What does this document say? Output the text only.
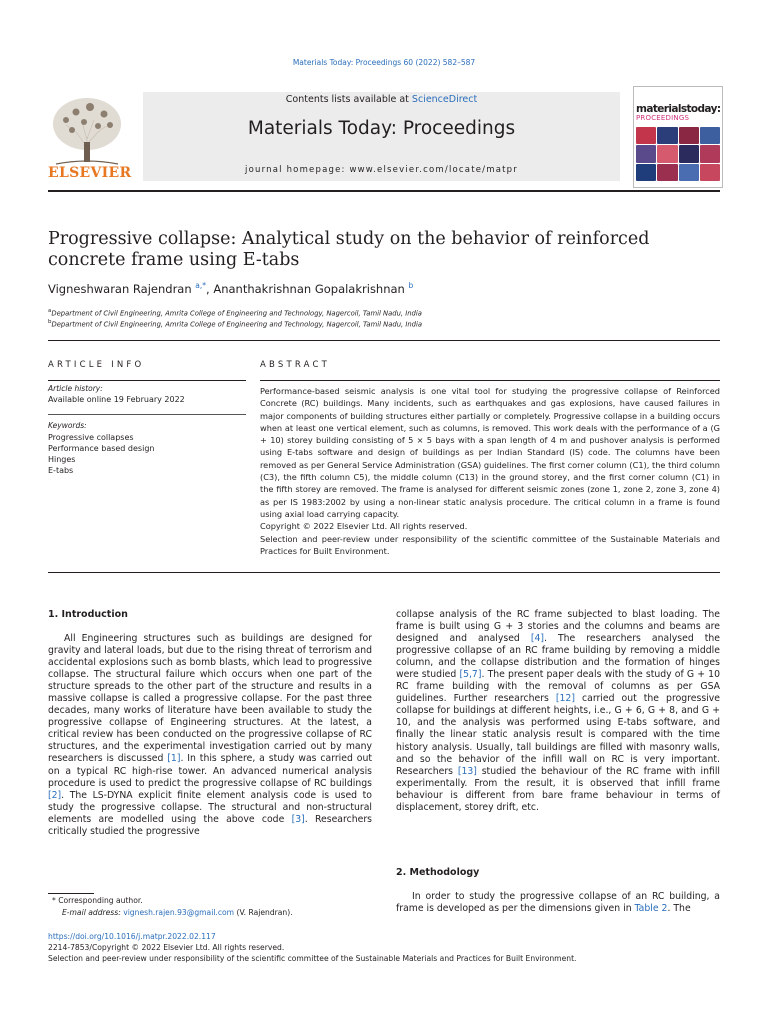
Materials Today: Proceedings 60 (2022) 582–587
ELSEVIER
Contents lists available at ScienceDirect
Materials Today: Proceedings
journal homepage: www.elsevier.com/locate/matpr
materialstoday:
PROCEEDINGS
Progressive collapse: Analytical study on the behavior of reinforced concrete frame using E-tabs
Vigneshwaran Rajendran $^{a,*}$, Ananthakrishnan Gopalakrishnan $^b$
$^a$Department of Civil Engineering, Amrita College of Engineering and Technology, Nagercoil, Tamil Nadu, India
$^b$Department of Civil Engineering, Amrita College of Engineering and Technology, Nagercoil, Tamil Nadu, India
ARTICLE INFO
Article history:
Available online 19 February 2022
Keywords:
Progressive collapses
Performance based design
Hinges
E-tabs
ABSTRACT

Performance-based seismic analysis is one vital tool for studying the progressive collapse of Reinforced Concrete (RC) buildings. Many incidents, such as earthquakes and gas explosions, have caused failures in major components of building structures either partially or completely. Progressive collapse in a building occurs when at least one vertical element, such as columns, is removed. This work deals with the performance of a (G + 10) storey building consisting of 5 × 5 bays with a span length of 4 m and pushover analysis is performed using E-tabs software and design of buildings as per Indian Standard (IS) code. The columns have been removed as per General Service Administration (GSA) guidelines. The first corner column (C1), the third column (C3), the fifth column C5), the middle column (C13) in the ground storey, and the first corner column (C1) in the fifth storey are removed. The frame is analysed for different seismic zones (zone 1, zone 2, zone 3, zone 4) as per IS 1983:2002 by using a non-linear static analysis procedure. The critical column in a frame is found using axial load carrying capacity.

Copyright © 2022 Elsevier Ltd. All rights reserved.

Selection and peer-review under responsibility of the scientific committee of the Sustainable Materials and Practices for Built Environment.

1. Introduction

All Engineering structures such as buildings are designed for gravity and lateral loads, but due to the rising threat of terrorism and accidental explosions such as bomb blasts, which lead to progressive collapse. The structural failure which occurs when one part of the structure spreads to the other part of the structure and results in a massive collapse is called a progressive collapse. For the past three decades, many works of literature have been available to study the progressive collapse of Engineering structures. At the latest, a critical review has been conducted on the progressive collapse of RC structures, and the experimental investigation carried out by many researchers is discussed [1]. In this sphere, a study was carried out on a typical RC high-rise tower. An advanced numerical analysis procedure is used to predict the progressive collapse of RC buildings [2]. The LS-DYNA explicit finite element analysis code is used to study the progressive collapse. The structural and non-structural elements are modelled using the above code [3]. Researchers critically studied the progressive

collapse analysis of the RC frame subjected to blast loading. The frame is built using G + 3 stories and the columns and beams are designed and analysed [4]. The researchers analysed the progressive collapse of an RC frame building by removing a middle column, and the collapse distribution and the formation of hinges were studied [5,7]. The present paper deals with the study of G + 10 RC frame building with the removal of columns as per GSA guidelines. Further researchers [12] carried out the progressive collapse for buildings at different heights, i.e., G + 6, G + 8, and G + 10, and the analysis was performed using E-tabs software, and finally the linear static analysis result is compared with the time history analysis. Usually, tall buildings are filled with masonry walls, and so the behavior of the infill wall on RC is very important. Researchers [13] studied the behaviour of the RC frame with infill experimentally. From the result, it is observed that infill frame behaviour is different from bare frame behaviour in terms of displacement, storey drift, etc.

2. Methodology

In order to study the progressive collapse of an RC building, a frame is developed as per the dimensions given in Table 2. The

* Corresponding author.
E-mail address: vignesh.rajen.93@gmail.com (V. Rajendran).
https://doi.org/10.1016/j.matpr.2022.02.117
2214-7853/Copyright © 2022 Elsevier Ltd. All rights reserved.
Selection and peer-review under responsibility of the scientific committee of the Sustainable Materials and Practices for Built Environment.
